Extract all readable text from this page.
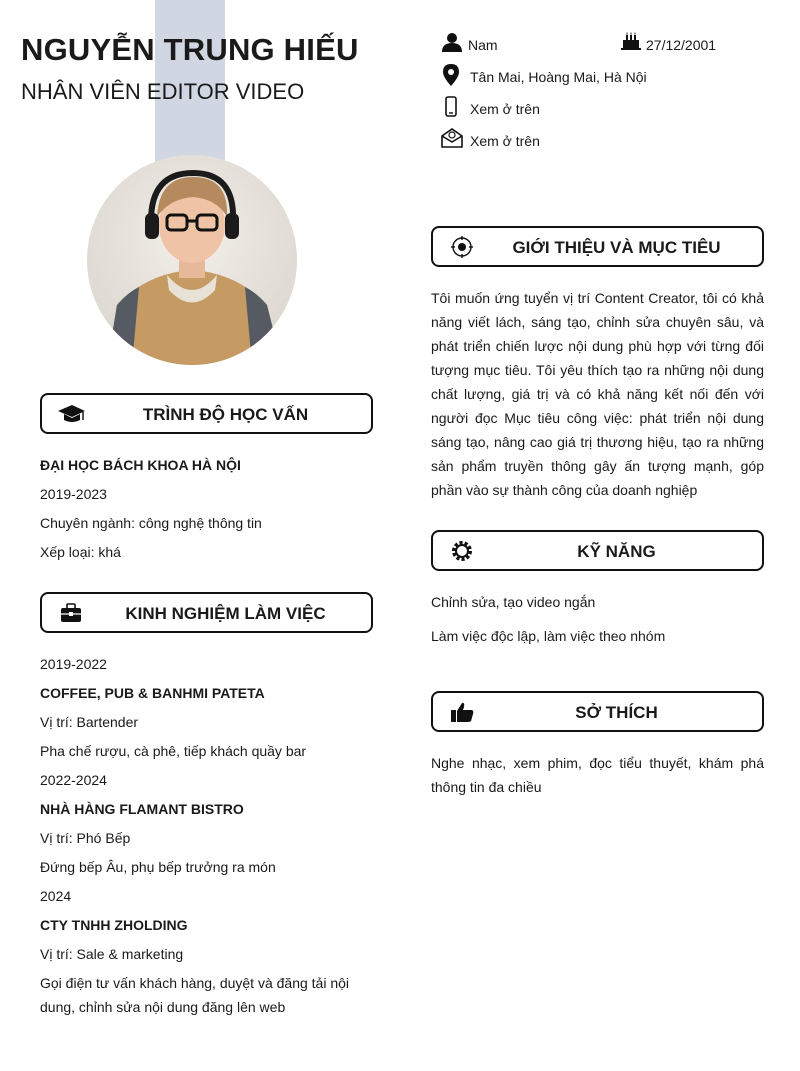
NGUYỄN TRUNG HIẾU
NHÂN VIÊN EDITOR VIDEO
Nam	27/12/2001
Tân Mai, Hoàng Mai, Hà Nội
Xem ở trên
Xem ở trên
GIỚI THIỆU VÀ MỤC TIÊU
Tôi muốn ứng tuyển vị trí Content Creator, tôi có khả năng viết lách, sáng tạo, chỉnh sửa chuyên sâu, và phát triển chiến lược nội dung phù hợp với từng đối tượng mục tiêu. Tôi yêu thích tạo ra những nội dung chất lượng, giá trị và có khả năng kết nối đến với người đọc Mục tiêu công việc: phát triển nội dung sáng tạo, nâng cao giá trị thương hiệu, tạo ra những sản phẩm truyền thông gây ấn tượng mạnh, góp phần vào sự thành công của doanh nghiệp
KỸ NĂNG
Chỉnh sửa, tạo video ngắn
Làm việc độc lập, làm việc theo nhóm
SỞ THÍCH
Nghe nhạc, xem phim, đọc tiểu thuyết, khám phá thông tin đa chiều
TRÌNH ĐỘ HỌC VẤN
ĐẠI HỌC BÁCH KHOA HÀ NỘI
2019-2023
Chuyên ngành: công nghệ thông tin
Xếp loại: khá
KINH NGHIỆM LÀM VIỆC
2019-2022
COFFEE, PUB & BANHMI PATETA
Vị trí: Bartender
Pha chế rượu, cà phê, tiếp khách quầy bar
2022-2024
NHÀ HÀNG FLAMANT BISTRO
Vị trí: Phó Bếp
Đứng bếp Âu, phụ bếp trưởng ra món
2024
CTY TNHH ZHOLDING
Vị trí: Sale & marketing
Gọi điện tư vấn khách hàng, duyệt và đăng tải nội dung, chỉnh sửa nội dung đăng lên web
